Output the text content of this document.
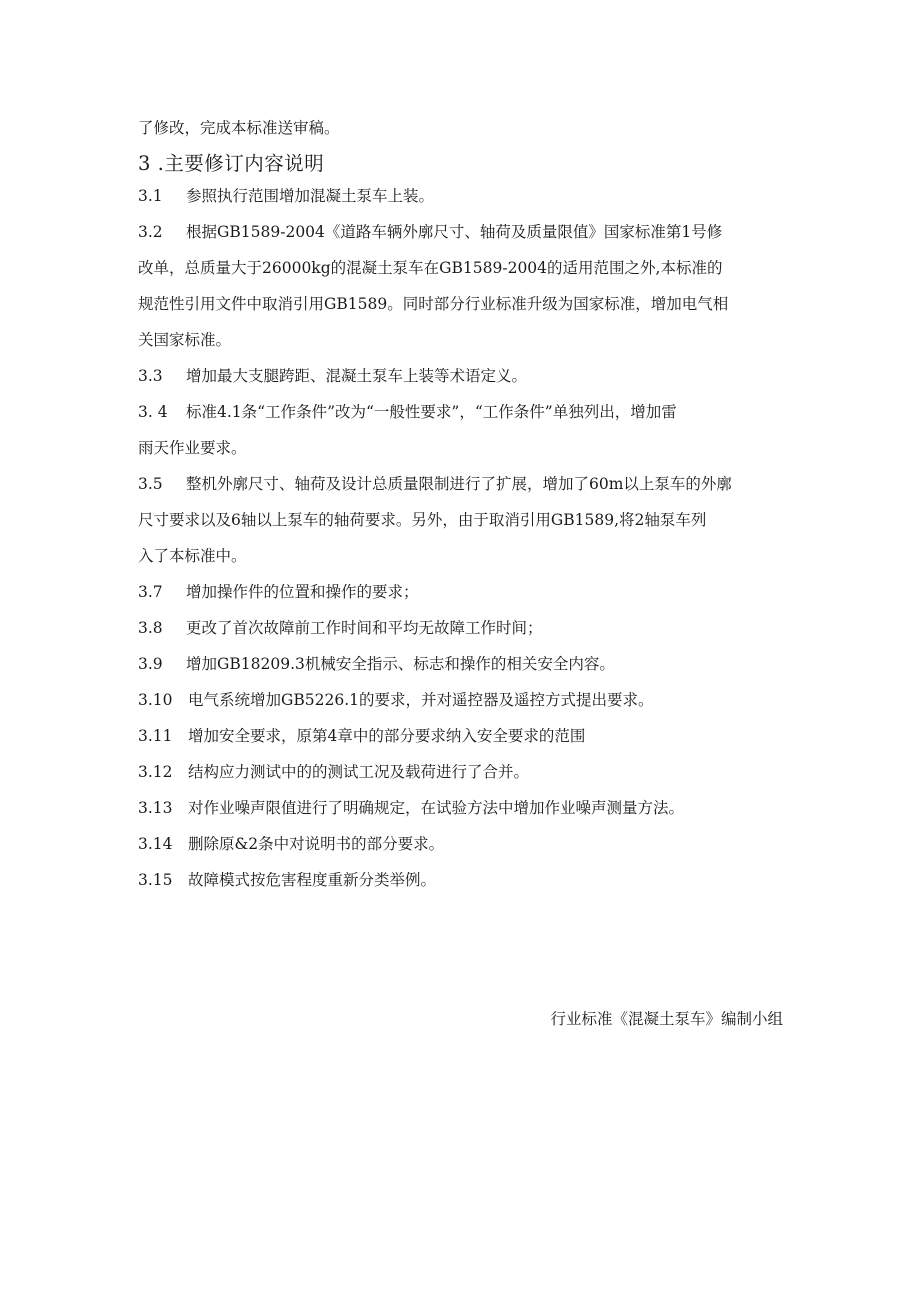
了修改，完成本标准送审稿。
3 .主要修订内容说明
3.1 参照执行范围增加混凝土泵车上装。
3.2 根据GB1589-2004《道路车辆外廓尺寸、轴荷及质量限值》国家标准第1号修
改单，总质量大于26000kg的混凝土泵车在GB1589-2004的适用范围之外,本标准的
规范性引用文件中取消引用GB1589。同时部分行业标准升级为国家标准，增加电气相
关国家标准。
3.3 增加最大支腿跨距、混凝土泵车上装等术语定义。
3. 4 标准4.1条“工作条件”改为“一般性要求”，“工作条件”单独列出，增加雷
雨天作业要求。
3.5 整机外廓尺寸、轴荷及设计总质量限制进行了扩展，增加了60m以上泵车的外廓
尺寸要求以及6轴以上泵车的轴荷要求。另外，由于取消引用GB1589,将2轴泵车列
入了本标准中。
3.7 增加操作件的位置和操作的要求；
3.8 更改了首次故障前工作时间和平均无故障工作时间；
3.9 增加GB18209.3机械安全指示、标志和操作的相关安全内容。
3.10 电气系统增加GB5226.1的要求，并对遥控器及遥控方式提出要求。
3.11 增加安全要求，原第4章中的部分要求纳入安全要求的范围
3.12 结构应力测试中的的测试工况及载荷进行了合并。
3.13 对作业噪声限值进行了明确规定，在试验方法中增加作业噪声测量方法。
3.14 删除原&2条中对说明书的部分要求。
3.15 故障模式按危害程度重新分类举例。
行业标准《混凝土泵车》编制小组
